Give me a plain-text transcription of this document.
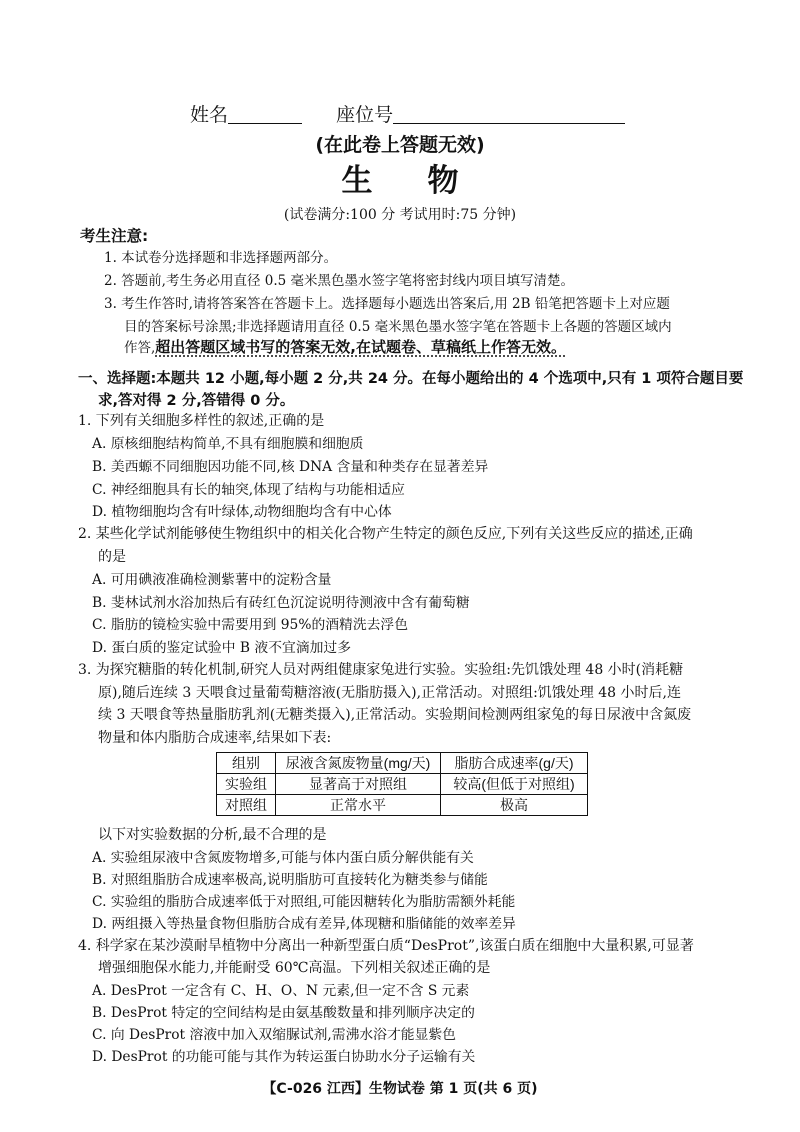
姓名	座位号
(在此卷上答题无效)
生物
(试卷满分:100 分 考试用时:75 分钟)
考生注意:
1. 本试卷分选择题和非选择题两部分。
2. 答题前,考生务必用直径 0.5 毫米黑色墨水签字笔将密封线内项目填写清楚。
3. 考生作答时,请将答案答在答题卡上。选择题每小题选出答案后,用 2B 铅笔把答题卡上对应题
目的答案标号涂黑;非选择题请用直径 0.5 毫米黑色墨水签字笔在答题卡上各题的答题区域内
作答,超出答题区域书写的答案无效,在试题卷、草稿纸上作答无效。
一、选择题:本题共 12 小题,每小题 2 分,共 24 分。在每小题给出的 4 个选项中,只有 1 项符合题目要
求,答对得 2 分,答错得 0 分。
1. 下列有关细胞多样性的叙述,正确的是
A. 原核细胞结构简单,不具有细胞膜和细胞质
B. 美西螈不同细胞因功能不同,核 DNA 含量和种类存在显著差异
C. 神经细胞具有长的轴突,体现了结构与功能相适应
D. 植物细胞均含有叶绿体,动物细胞均含有中心体
2. 某些化学试剂能够使生物组织中的相关化合物产生特定的颜色反应,下列有关这些反应的描述,正确
的是
A. 可用碘液准确检测紫薯中的淀粉含量
B. 斐林试剂水浴加热后有砖红色沉淀说明待测液中含有葡萄糖
C. 脂肪的镜检实验中需要用到 95%的酒精洗去浮色
D. 蛋白质的鉴定试验中 B 液不宜滴加过多
3. 为探究糖脂的转化机制,研究人员对两组健康家兔进行实验。实验组:先饥饿处理 48 小时(消耗糖
原),随后连续 3 天喂食过量葡萄糖溶液(无脂肪摄入),正常活动。对照组:饥饿处理 48 小时后,连
续 3 天喂食等热量脂肪乳剂(无糖类摄入),正常活动。实验期间检测两组家兔的每日尿液中含氮废
物量和体内脂肪合成速率,结果如下表:
组别	尿液含氮废物量(mg/天)	脂肪合成速率(g/天)
实验组	显著高于对照组	较高(但低于对照组)
对照组	正常水平	极高
以下对实验数据的分析,最不合理的是
A. 实验组尿液中含氮废物增多,可能与体内蛋白质分解供能有关
B. 对照组脂肪合成速率极高,说明脂肪可直接转化为糖类参与储能
C. 实验组的脂肪合成速率低于对照组,可能因糖转化为脂肪需额外耗能
D. 两组摄入等热量食物但脂肪合成有差异,体现糖和脂储能的效率差异
4. 科学家在某沙漠耐旱植物中分离出一种新型蛋白质“DesProt”,该蛋白质在细胞中大量积累,可显著
增强细胞保水能力,并能耐受 60℃高温。下列相关叙述正确的是
A. DesProt 一定含有 C、H、O、N 元素,但一定不含 S 元素
B. DesProt 特定的空间结构是由氨基酸数量和排列顺序决定的
C. 向 DesProt 溶液中加入双缩脲试剂,需沸水浴才能显紫色
D. DesProt 的功能可能与其作为转运蛋白协助水分子运输有关
【C-026 江西】生物试卷 第 1 页(共 6 页)
